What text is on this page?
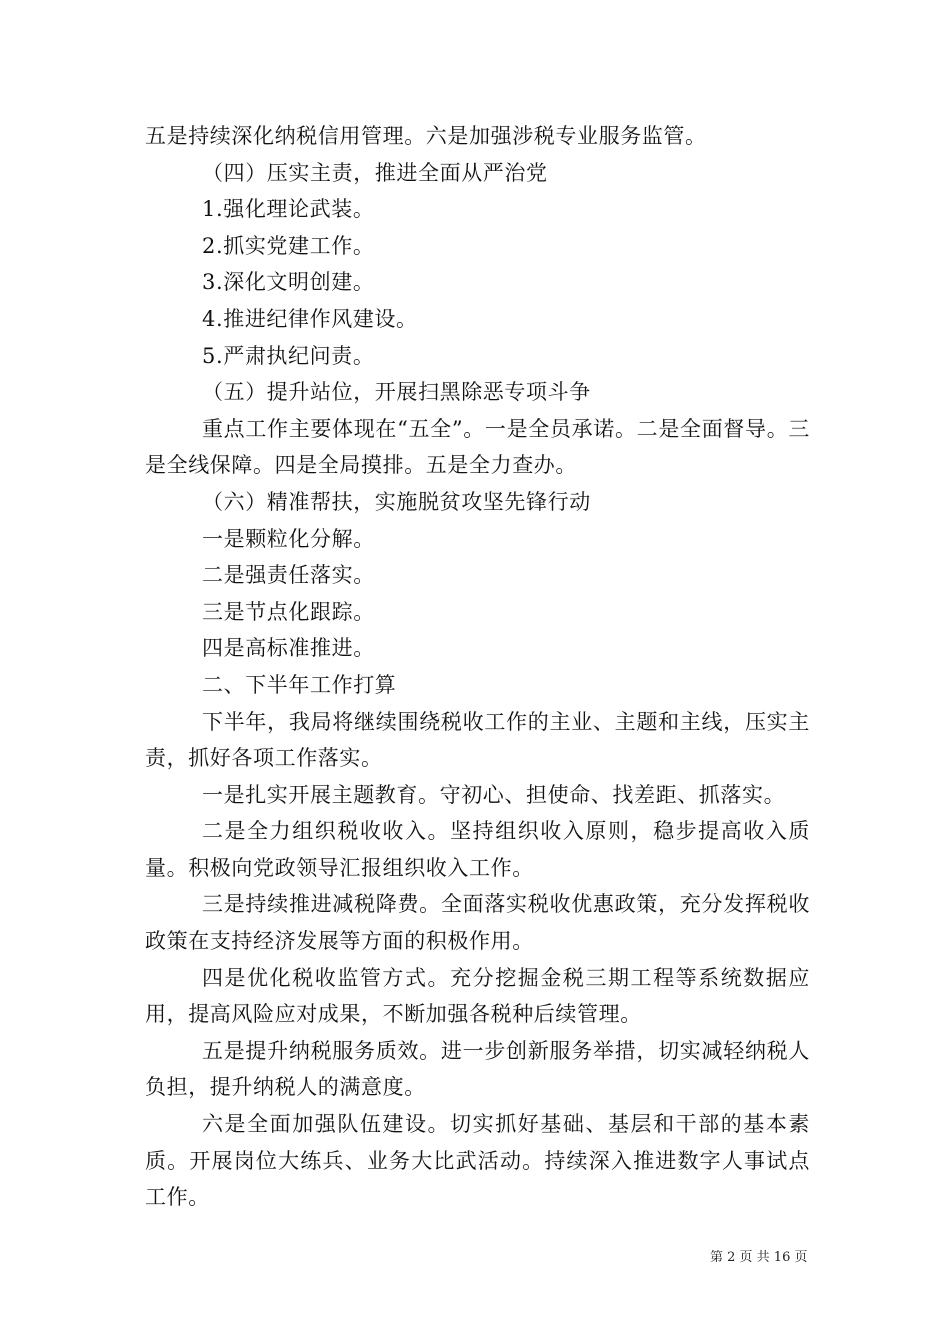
五是持续深化纳税信用管理。六是加强涉税专业服务监管。

（四）压实主责，推进全面从严治党

1.强化理论武装。

2.抓实党建工作。

3.深化文明创建。

4.推进纪律作风建设。

5.严肃执纪问责。

（五）提升站位，开展扫黑除恶专项斗争

重点工作主要体现在“五全”。一是全员承诺。二是全面督导。三是全线保障。四是全局摸排。五是全力查办。

（六）精准帮扶，实施脱贫攻坚先锋行动

一是颗粒化分解。

二是强责任落实。

三是节点化跟踪。

四是高标准推进。

二、下半年工作打算

下半年，我局将继续围绕税收工作的主业、主题和主线，压实主责，抓好各项工作落实。

一是扎实开展主题教育。守初心、担使命、找差距、抓落实。

二是全力组织税收收入。坚持组织收入原则，稳步提高收入质量。积极向党政领导汇报组织收入工作。

三是持续推进减税降费。全面落实税收优惠政策，充分发挥税收政策在支持经济发展等方面的积极作用。

四是优化税收监管方式。充分挖掘金税三期工程等系统数据应用，提高风险应对成果，不断加强各税种后续管理。

五是提升纳税服务质效。进一步创新服务举措，切实减轻纳税人负担，提升纳税人的满意度。

六是全面加强队伍建设。切实抓好基础、基层和干部的基本素质。开展岗位大练兵、业务大比武活动。持续深入推进数字人事试点工作。

第 2 页 共 16 页
